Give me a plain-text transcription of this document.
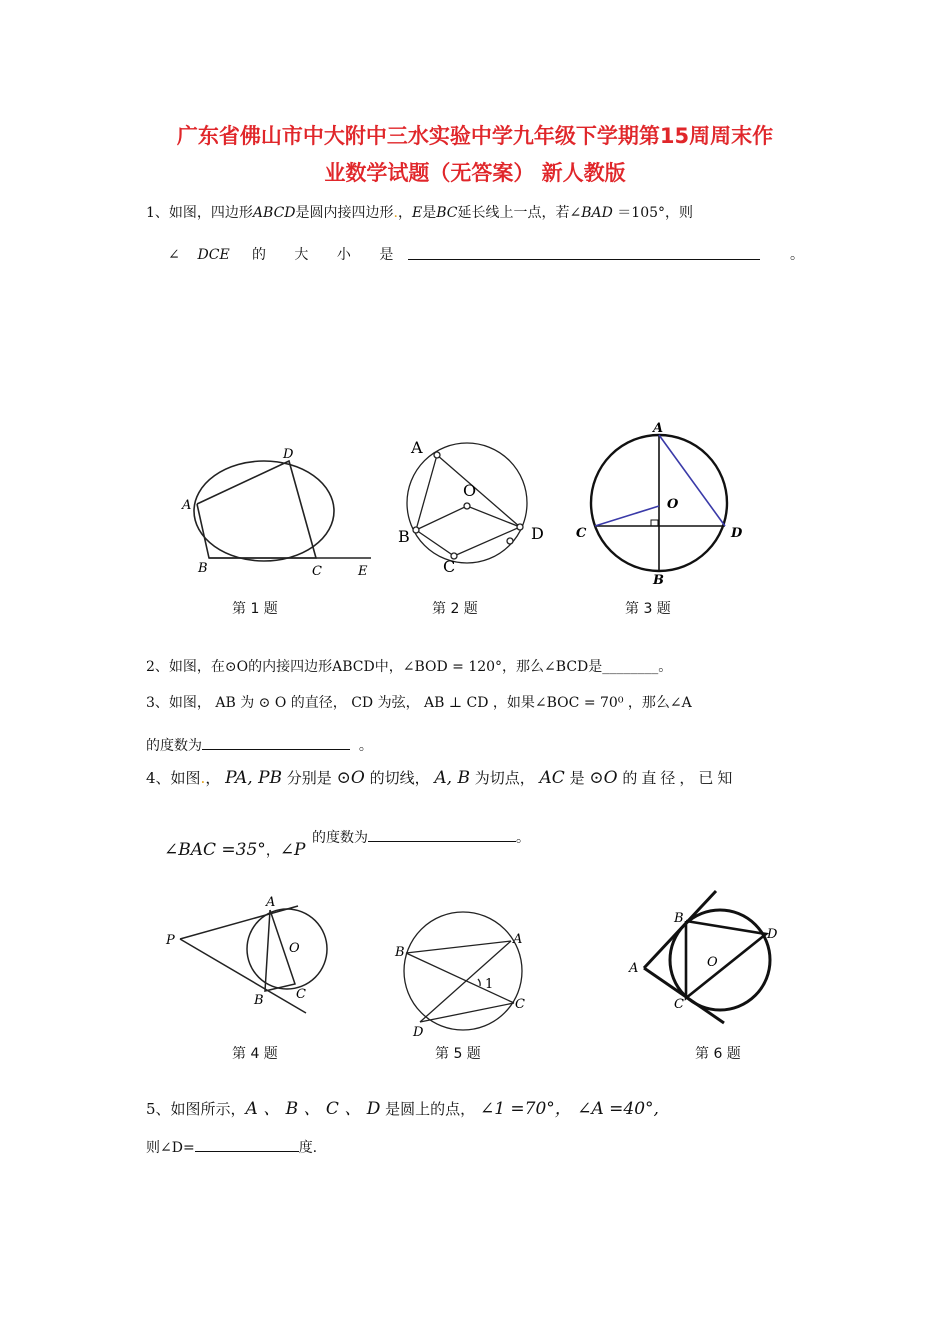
广东省佛山市中大附中三水实验中学九年级下学期第15周周末作
业数学试题（无答案） 新人教版
1、如图，四边形ABCD是圆内接四边形.，E是BC延长线上一点，若∠BAD ＝105°，则
∠ DCE 的 大 小 是	。
A
B	C
D
E
A
B
C
D
O
A
B
C	D
O
第 1 题	第 2 题	第 3 题
2、如图，在⊙O的内接四边形ABCD中，∠BOD = 120°，那么∠BCD是________。
3、如图， AB 为 ⊙ O 的直径， CD 为弦， AB ⊥ CD ，如果∠BOC = 70⁰ ，那么∠A
的度数为	。
4、如图.， PA, PB 分别是 ⊙O 的切线， A, B 为切点， AC 是 ⊙O 的直径，已知
∠BAC =35°，∠P
的度数为	。
P
A
B C
O	B
A
C
D
1
A
B
C
D
O
第 4 题	第 5 题	第 6 题
5、如图所示，A 、 B 、 C 、 D 是圆上的点， ∠1 =70°， ∠A =40°,
则∠D=	度.
